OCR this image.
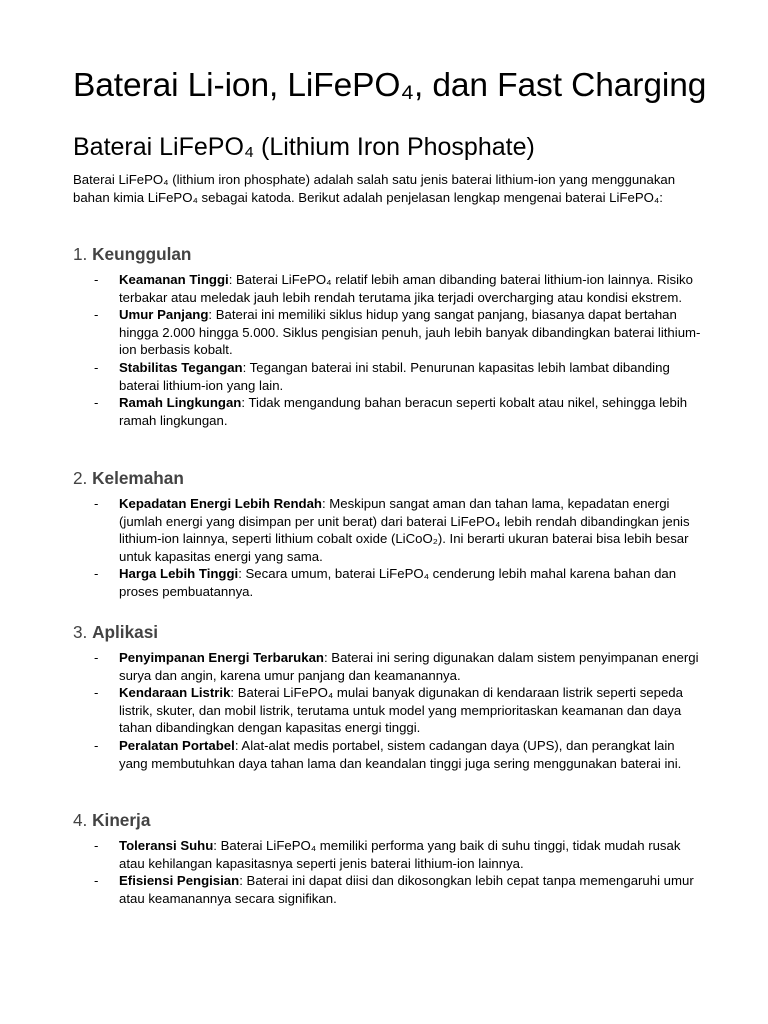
Baterai Li-ion, LiFePO₄, dan Fast Charging
Baterai LiFePO₄ (Lithium Iron Phosphate)

Baterai LiFePO₄ (lithium iron phosphate) adalah salah satu jenis baterai lithium-ion yang menggunakan bahan kimia LiFePO₄ sebagai katoda. Berikut adalah penjelasan lengkap mengenai baterai LiFePO₄:

1. Keunggulan
- Keamanan Tinggi: Baterai LiFePO₄ relatif lebih aman dibanding baterai lithium-ion lainnya. Risiko terbakar atau meledak jauh lebih rendah terutama jika terjadi overcharging atau kondisi ekstrem.
- Umur Panjang: Baterai ini memiliki siklus hidup yang sangat panjang, biasanya dapat bertahan hingga 2.000 hingga 5.000. Siklus pengisian penuh, jauh lebih banyak dibandingkan baterai lithium-ion berbasis kobalt.
- Stabilitas Tegangan: Tegangan baterai ini stabil. Penurunan kapasitas lebih lambat dibanding baterai lithium-ion yang lain.
- Ramah Lingkungan: Tidak mengandung bahan beracun seperti kobalt atau nikel, sehingga lebih ramah lingkungan.
2. Kelemahan
- Kepadatan Energi Lebih Rendah: Meskipun sangat aman dan tahan lama, kepadatan energi (jumlah energi yang disimpan per unit berat) dari baterai LiFePO₄ lebih rendah dibandingkan jenis lithium-ion lainnya, seperti lithium cobalt oxide (LiCoO₂). Ini berarti ukuran baterai bisa lebih besar untuk kapasitas energi yang sama.
- Harga Lebih Tinggi: Secara umum, baterai LiFePO₄ cenderung lebih mahal karena bahan dan proses pembuatannya.
3. Aplikasi
- Penyimpanan Energi Terbarukan: Baterai ini sering digunakan dalam sistem penyimpanan energi surya dan angin, karena umur panjang dan keamanannya.
- Kendaraan Listrik: Baterai LiFePO₄ mulai banyak digunakan di kendaraan listrik seperti sepeda listrik, skuter, dan mobil listrik, terutama untuk model yang memprioritaskan keamanan dan daya tahan dibandingkan dengan kapasitas energi tinggi.
- Peralatan Portabel: Alat-alat medis portabel, sistem cadangan daya (UPS), dan perangkat lain yang membutuhkan daya tahan lama dan keandalan tinggi juga sering menggunakan baterai ini.
4. Kinerja
- Toleransi Suhu: Baterai LiFePO₄ memiliki performa yang baik di suhu tinggi, tidak mudah rusak atau kehilangan kapasitasnya seperti jenis baterai lithium-ion lainnya.
- Efisiensi Pengisian: Baterai ini dapat diisi dan dikosongkan lebih cepat tanpa memengaruhi umur atau keamanannya secara signifikan.
